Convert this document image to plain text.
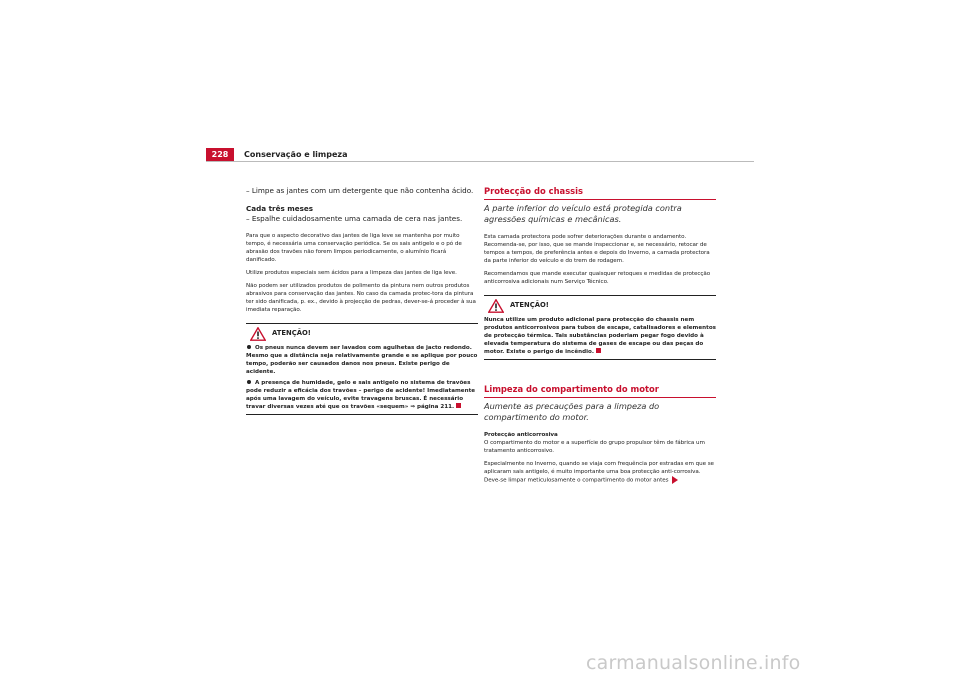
228	Conservação e limpeza

– Limpe as jantes com um detergente que não contenha ácido.

Cada três meses

– Espalhe cuidadosamente uma camada de cera nas jantes.

Para que o aspecto decorativo das jantes de liga leve se mantenha por muito tempo, é necessária uma conservação periódica. Se os sais antigelo e o pó de abrasão dos travões não forem limpos periodicamente, o alumínio ficará danificado.

Utilize produtos especiais sem ácidos para a limpeza das jantes de liga leve.

Não podem ser utilizados produtos de polimento da pintura nem outros produtos abrasivos para conservação das jantes. No caso da camada protec-tora da pintura ter sido danificada, p. ex., devido à projecção de pedras, dever-se-á proceder à sua imediata reparação.

ATENÇÃO!

Os pneus nunca devem ser lavados com agulhetas de jacto redondo. Mesmo que a distância seja relativamente grande e se aplique por pouco tempo, poderão ser causados danos nos pneus. Existe perigo de acidente.

A presença de humidade, gelo e sais antigelo no sistema de travões pode reduzir a eficácia dos travões – perigo de acidente! Imediatamente após uma lavagem do veículo, evite travagens bruscas. É necessário travar diversas vezes até que os travões «sequem» ⇒ página 211.

Protecção do chassis

A parte inferior do veículo está protegida contra agressões químicas e mecânicas.

Esta camada protectora pode sofrer deteriorações durante o andamento. Recomenda-se, por isso, que se mande inspeccionar e, se necessário, retocar de tempos a tempos, de preferência antes e depois do Inverno, a camada protectora da parte inferior do veículo e do trem de rodagem.

Recomendamos que mande executar quaisquer retoques e medidas de protecção anticorrosiva adicionais num Serviço Técnico.

ATENÇÃO!

Nunca utilize um produto adicional para protecção do chassis nem produtos anticorrosivos para tubos de escape, catalisadores e elementos de protecção térmica. Tais substâncias poderiam pegar fogo devido à elevada temperatura do sistema de gases de escape ou das peças do motor. Existe o perigo de incêndio.

Limpeza do compartimento do motor

Aumente as precauções para a limpeza do compartimento do motor.

Protecção anticorrosiva

O compartimento do motor e a superfície do grupo propulsor têm de fábrica um tratamento anticorrosivo.

Especialmente no Inverno, quando se viaja com frequência por estradas em que se aplicaram sais antigelo, é muito importante uma boa protecção anti-corrosiva. Deve-se limpar meticulosamente o compartimento do motor antes

carmanualsonline.info
